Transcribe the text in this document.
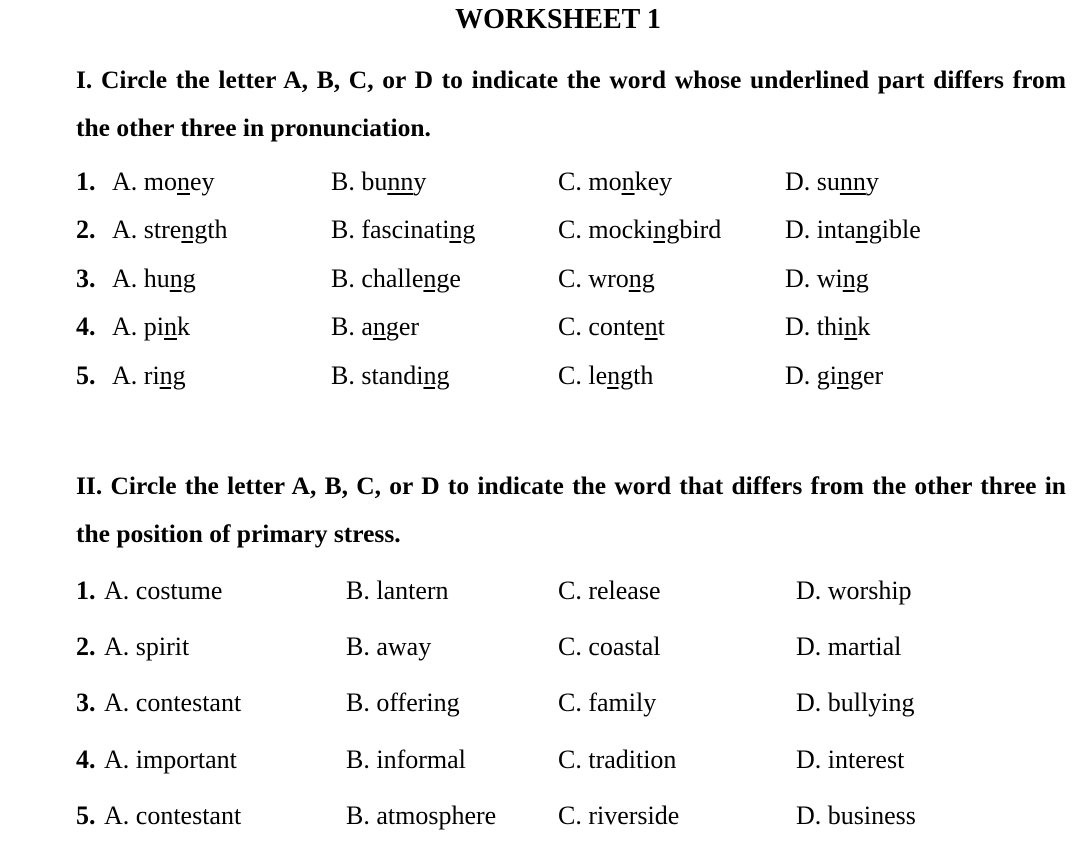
WORKSHEET 1

I. Circle the letter A, B, C, or D to indicate the word whose underlined part differs from the other three in pronunciation.

1. A. money	B. bunny	C. monkey	D. sunny
2. A. strength	B. fascinating	C. mockingbird D. intangible
3. A. hung	B. challenge	C. wrong	D. wing
4. A. pink	B. anger	C. content	D. think
5. A. ring	B. standing	C. length	D. ginger

II. Circle the letter A, B, C, or D to indicate the word that differs from the other three in the position of primary stress.

1. A. costume	B. lantern	C. release	D. worship
2. A. spirit	B. away	C. coastal	D. martial
3. A. contestant	B. offering	C. family	D. bullying
4. A. important	B. informal	C. tradition	D. interest
5. A. contestant	B. atmosphere C. riverside	D. business
